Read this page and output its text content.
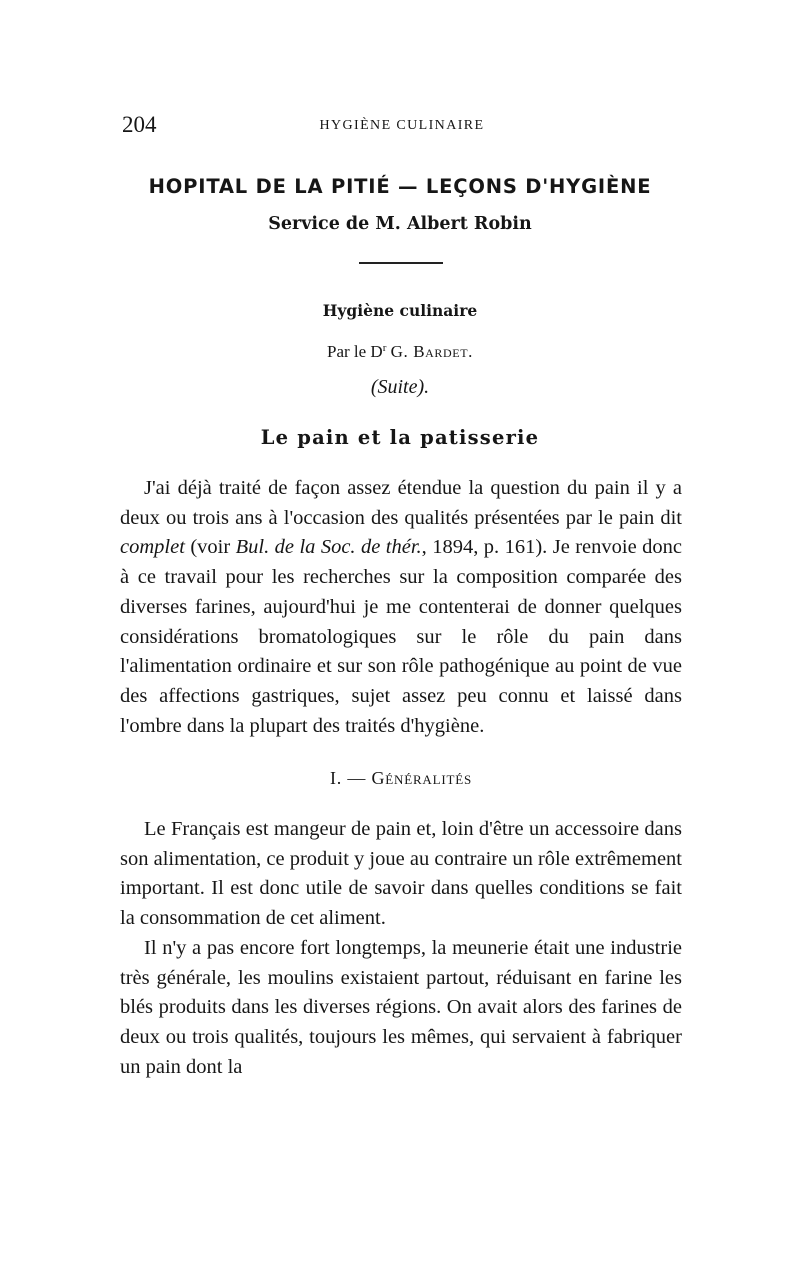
204	HYGIÈNE CULINAIRE
HOPITAL DE LA PITIÉ — LEÇONS D'HYGIÈNE
Service de M. Albert Robin
Hygiène culinaire
Par le $D^r$ G. Bardet.
(Suite).
Le pain et la patisserie

J'ai déjà traité de façon assez étendue la question du pain il y a deux ou trois ans à l'occasion des qualités présentées par le pain dit complet (voir Bul. de la Soc. de thér., 1894, p. 161). Je renvoie donc à ce travail pour les recherches sur la composition comparée des diverses farines, aujourd'hui je me contenterai de donner quelques considérations bromatologiques sur le rôle du pain dans l'alimentation ordinaire et sur son rôle pathogénique au point de vue des affections gastriques, sujet assez peu connu et laissé dans l'ombre dans la plupart des traités d'hygiène.

I. — Généralités

Le Français est mangeur de pain et, loin d'être un accessoire dans son alimentation, ce produit y joue au contraire un rôle extrêmement important. Il est donc utile de savoir dans quelles conditions se fait la consommation de cet aliment.

Il n'y a pas encore fort longtemps, la meunerie était une industrie très générale, les moulins existaient partout, réduisant en farine les blés produits dans les diverses régions. On avait alors des farines de deux ou trois qualités, toujours les mêmes, qui servaient à fabriquer un pain dont la
